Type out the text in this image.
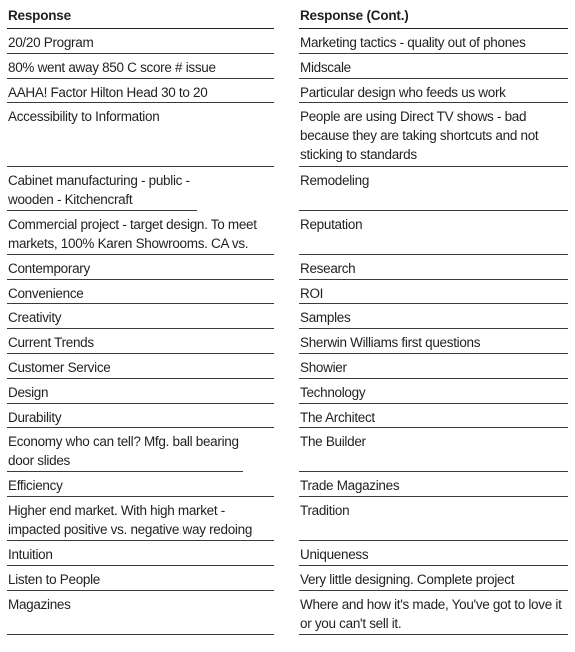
Response
20/20 Program
80% went away 850 C score # issue
AAHA! Factor Hilton Head 30 to 20
Accessibility to Information
Cabinet manufacturing - public - wooden - Kitchencraft
Commercial project - target design. To meet markets, 100% Karen Showrooms. CA vs.
Contemporary
Convenience
Creativity
Current Trends
Customer Service
Design
Durability
Economy who can tell? Mfg. ball bearing door slides
Efficiency
Higher end market. With high market - impacted positive vs. negative way redoing
Intuition
Listen to People
Magazines
Response (Cont.)
Marketing tactics - quality out of phones
Midscale
Particular design who feeds us work
People are using Direct TV shows - bad because they are taking shortcuts and not sticking to standards
Remodeling
Reputation
Research
ROI
Samples
Sherwin Williams first questions
Showier
Technology
The Architect
The Builder
Trade Magazines
Tradition
Uniqueness
Very little designing. Complete project
Where and how it's made, You've got to love it or you can't sell it.
